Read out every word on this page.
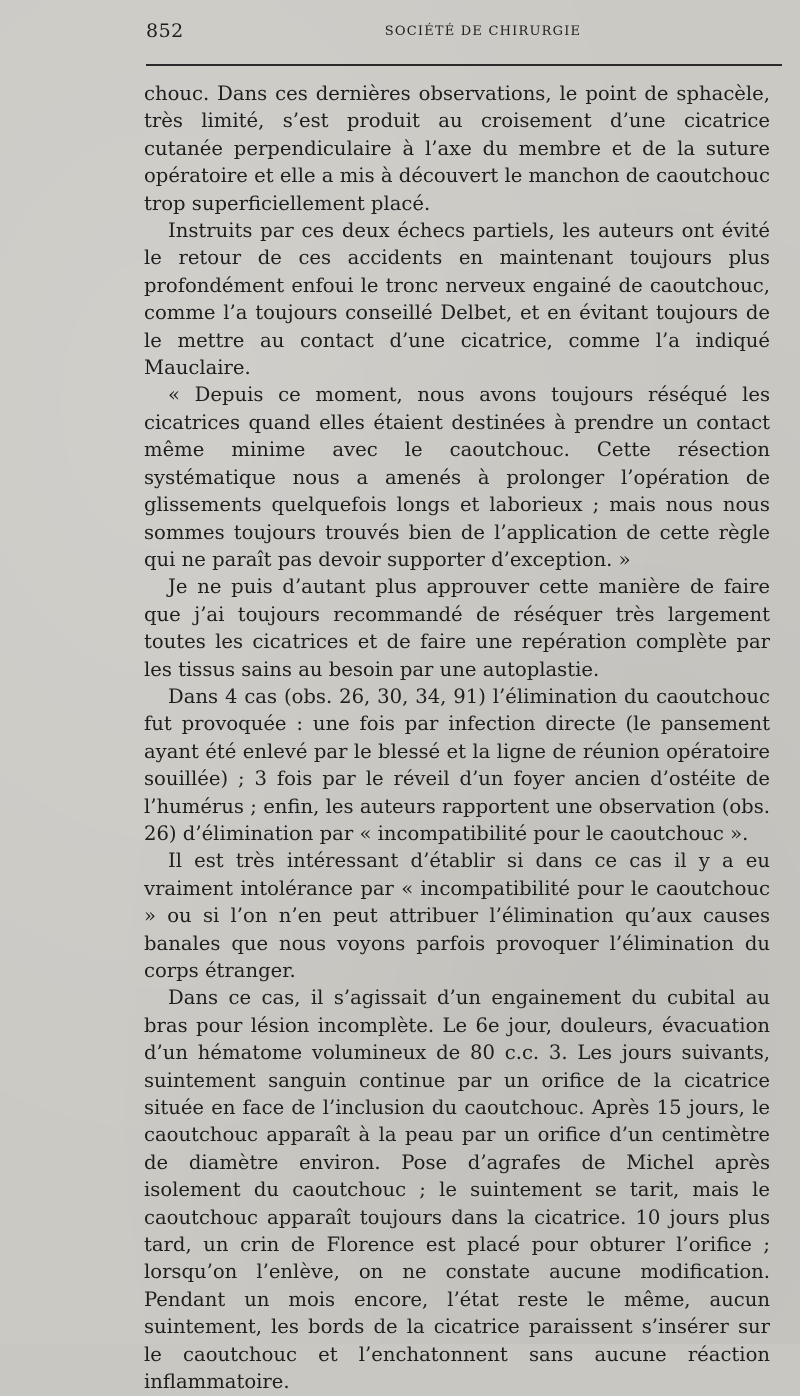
852	SOCIÉTÉ DE CHIRURGIE

chouc. Dans ces dernières observations, le point de sphacèle, très limité, s’est produit au croisement d’une cicatrice cutanée perpendiculaire à l’axe du membre et de la suture opératoire et elle a mis à découvert le manchon de caoutchouc trop superficiellement placé.

Instruits par ces deux échecs partiels, les auteurs ont évité le retour de ces accidents en maintenant toujours plus profondément enfoui le tronc nerveux engainé de caoutchouc, comme l’a toujours conseillé Delbet, et en évitant toujours de le mettre au contact d’une cicatrice, comme l’a indiqué Mauclaire.

« Depuis ce moment, nous avons toujours réséqué les cicatrices quand elles étaient destinées à prendre un contact même minime avec le caoutchouc. Cette résection systématique nous a amenés à prolonger l’opération de glissements quelquefois longs et laborieux ; mais nous nous sommes toujours trouvés bien de l’application de cette règle qui ne paraît pas devoir supporter d’exception. »

Je ne puis d’autant plus approuver cette manière de faire que j’ai toujours recommandé de réséquer très largement toutes les cicatrices et de faire une repération complète par les tissus sains au besoin par une autoplastie.

Dans 4 cas (obs. 26, 30, 34, 91) l’élimination du caoutchouc fut provoquée : une fois par infection directe (le pansement ayant été enlevé par le blessé et la ligne de réunion opératoire souillée) ; 3 fois par le réveil d’un foyer ancien d’ostéite de l’humérus ; enfin, les auteurs rapportent une observation (obs. 26) d’élimination par « incompatibilité pour le caoutchouc ».

Il est très intéressant d’établir si dans ce cas il y a eu vraiment intolérance par « incompatibilité pour le caoutchouc » ou si l’on n’en peut attribuer l’élimination qu’aux causes banales que nous voyons parfois provoquer l’élimination du corps étranger.

Dans ce cas, il s’agissait d’un engainement du cubital au bras pour lésion incomplète. Le 6e jour, douleurs, évacuation d’un hématome volumineux de 80 c.c. 3. Les jours suivants, suintement sanguin continue par un orifice de la cicatrice située en face de l’inclusion du caoutchouc. Après 15 jours, le caoutchouc apparaît à la peau par un orifice d’un centimètre de diamètre environ. Pose d’agrafes de Michel après isolement du caoutchouc ; le suintement se tarit, mais le caoutchouc apparaît toujours dans la cicatrice. 10 jours plus tard, un crin de Florence est placé pour obturer l’orifice ; lorsqu’on l’enlève, on ne constate aucune modification. Pendant un mois encore, l’état reste le même, aucun suintement, les bords de la cicatrice paraissent s’insérer sur le caoutchouc et l’enchatonnent sans aucune réaction inflammatoire.
